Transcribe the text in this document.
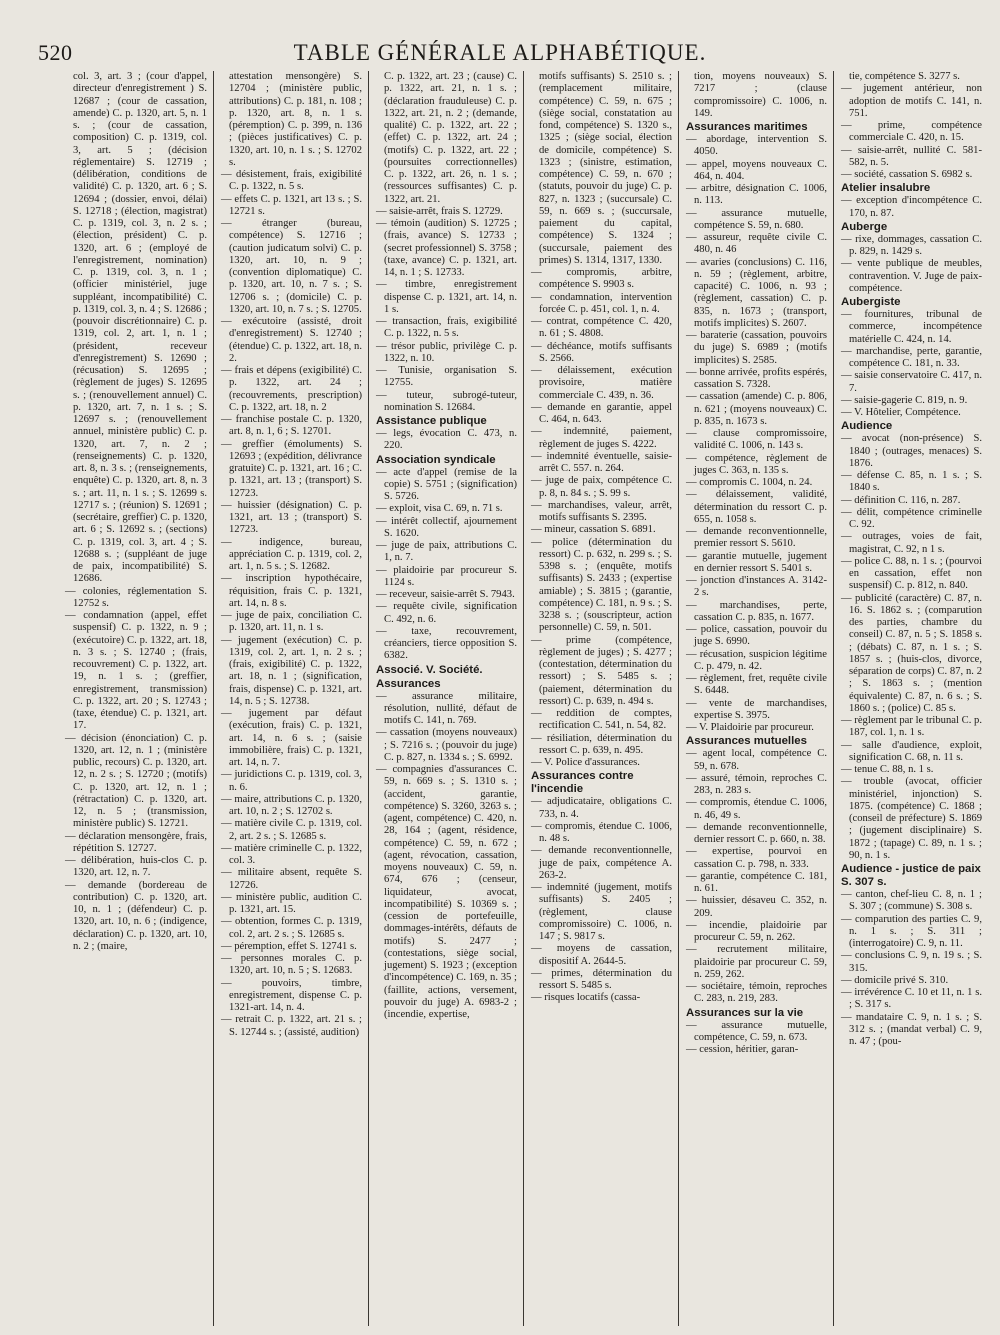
520	TABLE GÉNÉRALE ALPHABÉTIQUE.

col. 3, art. 3 ; (cour d'appel, directeur d'enregistrement ) S. 12687 ; (cour de cassation, amende) C. p. 1320, art. 5, n. 1 s. ; (cour de cassation, composition) C. p. 1319, col. 3, art. 5 ; (décision réglementaire) S. 12719 ; (délibération, conditions de validité) C. p. 1320, art. 6 ; S. 12694 ; (dossier, envoi, délai) S. 12718 ; (élection, magistrat) C. p. 1319, col. 3, n. 2 s. ; (élection, président) C. p. 1320, art. 6 ; (employé de l'enregistrement, nomination) C. p. 1319, col. 3, n. 1 ; (officier ministériel, juge suppléant, incompatibilité) C. p. 1319, col. 3, n. 4 ; S. 12686 ; (pouvoir discrétionnaire) C. p. 1319, col. 2, art. 1, n. 1 ; (président, receveur d'enregistrement) S. 12690 ; (récusation) S. 12695 ; (règlement de juges) S. 12695 s. ; (renouvellement annuel) C. p. 1320, art. 7, n. 1 s. ; S. 12697 s. ; (renouvellement annuel, ministère public) C. p. 1320, art. 7, n. 2 ; (renseignements) C. p. 1320, art. 8, n. 3 s. ; (renseignements, enquête) C. p. 1320, art. 8, n. 3 s. ; art. 11, n. 1 s. ; S. 12699 s. 12717 s. ; (réunion) S. 12691 ; (secrétaire, greffier) C. p. 1320, art. 6 ; S. 12692 s. ; (sections) C. p. 1319, col. 3, art. 4 ; S. 12688 s. ; (suppléant de juge de paix, incompatibilité) S. 12686.

— colonies, réglementation S. 12752 s.

— condamnation (appel, effet suspensif) C. p. 1322, n. 9 ; (exécutoire) C. p. 1322, art. 18, n. 3 s. ; S. 12740 ; (frais, recouvrement) C. p. 1322, art. 19, n. 1 s. ; (greffier, enregistrement, transmission) C. p. 1322, art. 20 ; S. 12743 ; (taxe, étendue) C. p. 1321, art. 17.

— décision (énonciation) C. p. 1320, art. 12, n. 1 ; (ministère public, recours) C. p. 1320, art. 12, n. 2 s. ; S. 12720 ; (motifs) C. p. 1320, art. 12, n. 1 ; (rétractation) C. p. 1320, art. 12, n. 5 ; (transmission, ministère public) S. 12721.

— déclaration mensongère, frais, répétition S. 12727.

— délibération, huis-clos C. p. 1320, art. 12, n. 7.

— demande (bordereau de contribution) C. p. 1320, art. 10, n. 1 ; (défendeur) C. p. 1320, art. 10, n. 6 ; (indigence, déclaration) C. p. 1320, art. 10, n. 2 ; (maire,

attestation mensongère) S. 12704 ; (ministère public, attributions) C. p. 181, n. 108 ; p. 1320, art. 8, n. 1 s. (péremption) C. p. 399, n. 136 ; (pièces justificatives) C. p. 1320, art. 10, n. 1 s. ; S. 12702 s.

— désistement, frais, exigibilité C. p. 1322, n. 5 s.

— effets C. p. 1321, art 13 s. ; S. 12721 s.

— étranger (bureau, compétence) S. 12716 ; (caution judicatum solvi) C. p. 1320, art. 10, n. 9 ; (convention diplomatique) C. p. 1320, art. 10, n. 7 s. ; S. 12706 s. ; (domicile) C. p. 1320, art. 10, n. 7 s. ; S. 12705.

— exécutoire (assisté, droit d'enregistrement) S. 12740 ; (étendue) C. p. 1322, art. 18, n. 2.

— frais et dépens (exigibilité) C. p. 1322, art. 24 ; (recouvrements, prescription) C. p. 1322, art. 18, n. 2

— franchise postale C. p. 1320, art. 8, n. 1, 6 ; S. 12701.

— greffier (émoluments) S. 12693 ; (expédition, délivrance gratuite) C. p. 1321, art. 16 ; C. p. 1321, art. 13 ; (transport) S. 12723.

— huissier (désignation) C. p. 1321, art. 13 ; (transport) S. 12723.

— indigence, bureau, appréciation C. p. 1319, col. 2, art. 1, n. 5 s. ; S. 12682.

— inscription hypothécaire, réquisition, frais C. p. 1321, art. 14, n. 8 s.

— juge de paix, conciliation C. p. 1320, art. 11, n. 1 s.

— jugement (exécution) C. p. 1319, col. 2, art. 1, n. 2 s. ; (frais, exigibilité) C. p. 1322, art. 18, n. 1 ; (signification, frais, dispense) C. p. 1321, art. 14, n. 5 ; S. 12738.

— jugement par défaut (exécution, frais) C. p. 1321, art. 14, n. 6 s. ; (saisie immobilière, frais) C. p. 1321, art. 14, n. 7.

— juridictions C. p. 1319, col. 3, n. 6.

— maire, attributions C. p. 1320, art. 10, n. 2 ; S. 12702 s.

— matière civile C. p. 1319, col. 2, art. 2 s. ; S. 12685 s.

— matière criminelle C. p. 1322, col. 3.

— militaire absent, requête S. 12726.

— ministère public, audition C. p. 1321, art. 15.

— obtention, formes C. p. 1319, col. 2, art. 2 s. ; S. 12685 s.

— péremption, effet S. 12741 s.

— personnes morales C. p. 1320, art. 10, n. 5 ; S. 12683.

— pouvoirs, timbre, enregistrement, dispense C. p. 1321-art. 14, n. 4.

— retrait C. p. 1322, art. 21 s. ; S. 12744 s. ; (assisté, audition)

C. p. 1322, art. 23 ; (cause) C. p. 1322, art. 21, n. 1 s. ; (déclaration frauduleuse) C. p. 1322, art. 21, n. 2 ; (demande, qualité) C. p. 1322, art. 22 ; (effet) C. p. 1322, art. 24 ; (motifs) C. p. 1322, art. 22 ; (poursuites correctionnelles) C. p. 1322, art. 26, n. 1 s. ; (ressources suffisantes) C. p. 1322, art. 21.

— saisie-arrêt, frais S. 12729.

— témoin (audition) S. 12725 ; (frais, avance) S. 12733 ; (secret professionnel) S. 3758 ; (taxe, avance) C. p. 1321, art. 14, n. 1 ; S. 12733.

— timbre, enregistrement dispense C. p. 1321, art. 14, n. 1 s.

— transaction, frais, exigibilité C. p. 1322, n. 5 s.

— trésor public, privilège C. p. 1322, n. 10.

— Tunisie, organisation S. 12755.

— tuteur, subrogé-tuteur, nomination S. 12684.

Assistance publique

— legs, évocation C. 473, n. 220.

Association syndicale

— acte d'appel (remise de la copie) S. 5751 ; (signification) S. 5726.

— exploit, visa C. 69, n. 71 s.

— intérêt collectif, ajournement S. 1620.

— juge de paix, attributions C. 1, n. 7.

— plaidoirie par procureur S. 1124 s.

— receveur, saisie-arrêt S. 7943.

— requête civile, signification C. 492, n. 6.

— taxe, recouvrement, créanciers, tierce opposition S. 6382.

Associé. V. Société.

Assurances

— assurance militaire, résolution, nullité, défaut de motifs C. 141, n. 769.

— cassation (moyens nouveaux) ; S. 7216 s. ; (pouvoir du juge) C. p. 827, n. 1334 s. ; S. 6992.

— compagnies d'assurances C. 59, n. 669 s. ; S. 1310 s. ; (accident, garantie, compétence) S. 3260, 3263 s. ; (agent, compétence) C. 420, n. 28, 164 ; (agent, résidence, compétence) C. 59, n. 672 ; (agent, révocation, cassation, moyens nouveaux) C. 59, n. 674, 676 ; (censeur, liquidateur, avocat, incompatibilité) S. 10369 s. ; (cession de portefeuille, dommages-intérêts, défauts de motifs) S. 2477 ; (contestations, siège social, jugement) S. 1923 ; (exception d'incompétence) C. 169, n. 35 ; (faillite, actions, versement, pouvoir du juge) A. 6983-2 ; (incendie, expertise,

motifs suffisants) S. 2510 s. ; (remplacement militaire, compétence) C. 59, n. 675 ; (siège social, constatation au fond, compétence) S. 1320 s., 1325 ; (siège social, élection de domicile, compétence) S. 1323 ; (sinistre, estimation, compétence) C. 59, n. 670 ; (statuts, pouvoir du juge) C. p. 827, n. 1323 ; (succursale) C. 59, n. 669 s. ; (succursale, paiement du capital, compétence) S. 1324 ; (succursale, paiement des primes) S. 1314, 1317, 1330.

— compromis, arbitre, compétence S. 9903 s.

— condamnation, intervention forcée C. p. 451, col. 1, n. 4.

— contrat, compétence C. 420, n. 61 ; S. 4808.

— déchéance, motifs suffisants S. 2566.

— délaissement, exécution provisoire, matière commerciale C. 439, n. 36.

— demande en garantie, appel C. 464, n. 643.

— indemnité, paiement, règlement de juges S. 4222.

— indemnité éventuelle, saisie-arrêt C. 557. n. 264.

— juge de paix, compétence C. p. 8, n. 84 s. ; S. 99 s.

— marchandises, valeur, arrêt, motifs suffisants S. 2395.

— mineur, cassation S. 6891.

— police (détermination du ressort) C. p. 632, n. 299 s. ; S. 5398 s. ; (enquête, motifs suffisants) S. 2433 ; (expertise amiable) ; S. 3815 ; (garantie, compétence) C. 181, n. 9 s. ; S. 3238 s. ; (souscripteur, action personnelle) C. 59, n. 501.

— prime (compétence, règlement de juges) ; S. 4277 ; (contestation, détermination du ressort) ; S. 5485 s. ; (paiement, détermination du ressort) C. p. 639, n. 494 s.

— reddition de comptes, rectification C. 541, n. 54, 82.

— résiliation, détermination du ressort C. p. 639, n. 495.

— V. Police d'assurances.

Assurances contre l'incendie

— adjudicataire, obligations C. 733, n. 4.

— compromis, étendue C. 1006, n. 48 s.

— demande reconventionnelle, juge de paix, compétence A. 263-2.

— indemnité (jugement, motifs suffisants) S. 2405 ; (règlement, clause compromissoire) C. 1006, n. 147 ; S. 9817 s.

— moyens de cassation, dispositif A. 2644-5.

— primes, détermination du ressort S. 5485 s.

— risques locatifs (cassa-

tion, moyens nouveaux) S. 7217 ; (clause compromissoire) C. 1006, n. 149.

Assurances maritimes

— abordage, intervention S. 4050.

— appel, moyens nouveaux C. 464, n. 404.

— arbitre, désignation C. 1006, n. 113.

— assurance mutuelle, compétence S. 59, n. 680.

— assureur, requête civile C. 480, n. 46

— avaries (conclusions) C. 116, n. 59 ; (règlement, arbitre, capacité) C. 1006, n. 93 ; (règlement, cassation) C. p. 835, n. 1673 ; (transport, motifs implicites) S. 2607.

— baraterie (cassation, pouvoirs du juge) S. 6989 ; (motifs implicites) S. 2585.

— bonne arrivée, profits espérés, cassation S. 7328.

— cassation (amende) C. p. 806, n. 621 ; (moyens nouveaux) C. p. 835, n. 1673 s.

— clause compromissoire, validité C. 1006, n. 143 s.

— compétence, règlement de juges C. 363, n. 135 s.

— compromis C. 1004, n. 24.

— délaissement, validité, détermination du ressort C. p. 655, n. 1058 s.

— demande reconventionnelle, premier ressort S. 5610.

— garantie mutuelle, jugement en dernier ressort S. 5401 s.

— jonction d'instances A. 3142-2 s.

— marchandises, perte, cassation C. p. 835, n. 1677.

— police, cassation, pouvoir du juge S. 6990.

— récusation, suspicion légitime C. p. 479, n. 42.

— règlement, fret, requête civile S. 6448.

— vente de marchandises, expertise S. 3975.

— V. Plaidoirie par procureur.

Assurances mutuelles

— agent local, compétence C. 59, n. 678.

— assuré, témoin, reproches C. 283, n. 283 s.

— compromis, étendue C. 1006, n. 46, 49 s.

— demande reconventionnelle, dernier ressort C. p. 660, n. 38.

— expertise, pourvoi en cassation C. p. 798, n. 333.

— garantie, compétence C. 181, n. 61.

— huissier, désaveu C. 352, n. 209.

— incendie, plaidoirie par procureur C. 59, n. 262.

— recrutement militaire, plaidoirie par procureur C. 59, n. 259, 262.

— sociétaire, témoin, reproches C. 283, n. 219, 283.

Assurances sur la vie

— assurance mutuelle, compétence, C. 59, n. 673.

— cession, héritier, garan-

tie, compétence S. 3277 s.

— jugement antérieur, non adoption de motifs C. 141, n. 751.

— prime, compétence commerciale C. 420, n. 15.

— saisie-arrêt, nullité C. 581-582, n. 5.

— société, cassation S. 6982 s.

Atelier insalubre

— exception d'incompétence C. 170, n. 87.

Auberge

— rixe, dommages, cassation C. p. 829, n. 1429 s.

— vente publique de meubles, contravention. V. Juge de paix-compétence.

Aubergiste

— fournitures, tribunal de commerce, incompétence matérielle C. 424, n. 14.

— marchandise, perte, garantie, compétence C. 181, n. 33.

— saisie conservatoire C. 417, n. 7.

— saisie-gagerie C. 819, n. 9.

— V. Hôtelier, Compétence.

Audience

— avocat (non-présence) S. 1840 ; (outrages, menaces) S. 1876.

— défense C. 85, n. 1 s. ; S. 1840 s.

— définition C. 116, n. 287.

— délit, compétence criminelle C. 92.

— outrages, voies de fait, magistrat, C. 92, n 1 s.

— police C. 88, n. 1 s. ; (pourvoi en cassation, effet non suspensif) C. p. 812, n. 840.

— publicité (caractère) C. 87, n. 16. S. 1862 s. ; (comparution des parties, chambre du conseil) C. 87, n. 5 ; S. 1858 s. ; (débats) C. 87, n. 1 s. ; S. 1857 s. ; (huis-clos, divorce, séparation de corps) C. 87, n. 2 ; S. 1863 s. ; (mention équivalente) C. 87, n. 6 s. ; S. 1860 s. ; (police) C. 85 s.

— règlement par le tribunal C. p. 187, col. 1, n. 1 s.

— salle d'audience, exploit, signification C. 68, n. 11 s.

— tenue C. 88, n. 1 s.

— trouble (avocat, officier ministériel, injonction) S. 1875. (compétence) C. 1868 ; (conseil de préfecture) S. 1869 ; (jugement disciplinaire) S. 1872 ; (tapage) C. 89, n. 1 s. ; 90, n. 1 s.

Audience - justice de paix S. 307 s.

— canton, chef-lieu C. 8, n. 1 ; S. 307 ; (commune) S. 308 s.

— comparution des parties C. 9, n. 1 s. ; S. 311 ; (interrogatoire) C. 9, n. 11.

— conclusions C. 9, n. 19 s. ; S. 315.

— domicile privé S. 310.

— irrévérence C. 10 et 11, n. 1 s. ; S. 317 s.

— mandataire C. 9, n. 1 s. ; S. 312 s. ; (mandat verbal) C. 9, n. 47 ; (pou-
